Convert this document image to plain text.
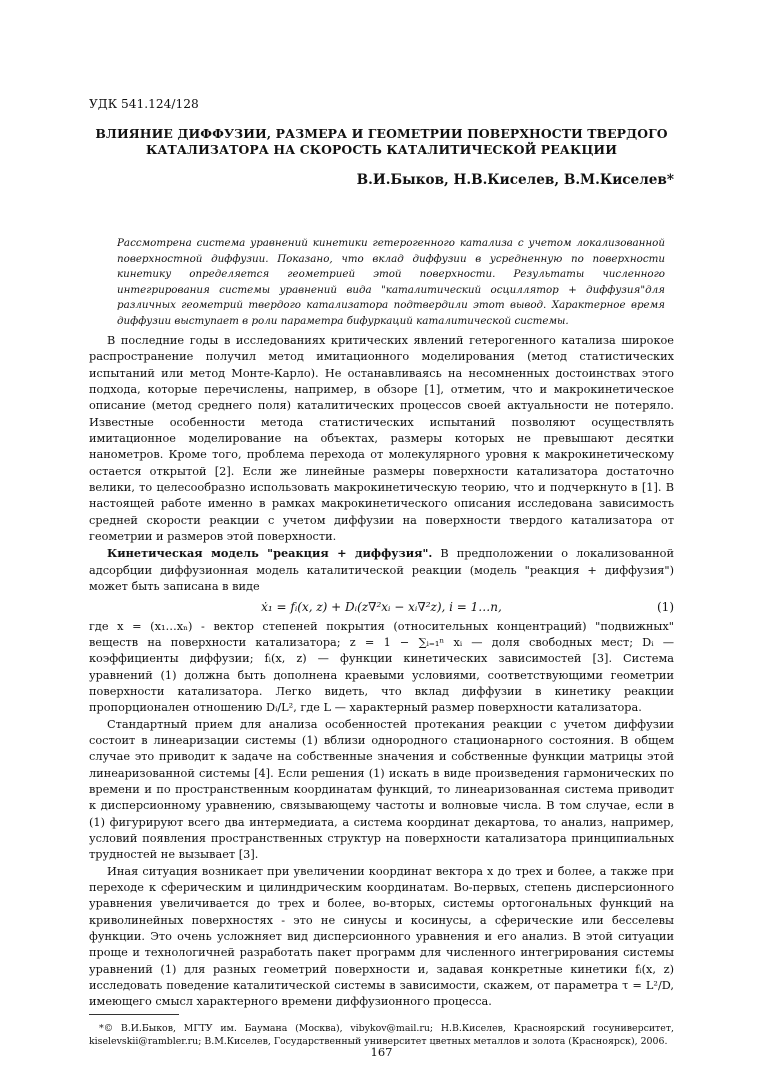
УДК 541.124/128
ВЛИЯНИЕ ДИФФУЗИИ, РАЗМЕРА И ГЕОМЕТРИИ ПОВЕРХНОСТИ ТВЕРДОГО КАТАЛИЗАТОРА НА СКОРОСТЬ КАТАЛИТИЧЕСКОЙ РЕАКЦИИ
В.И.Быков, Н.В.Киселев, В.М.Киселев*
Рассмотрена система уравнений кинетики гетерогенного катализа с учетом локализованной поверхностной диффузии. Показано, что вклад диффузии в усредненную по поверхности кинетику определяется геометрией этой поверхности. Результаты численного интегрирования системы уравнений вида "каталитический осциллятор + диффузия"для различных геометрий твердого катализатора подтвердили этот вывод. Характерное время диффузии выступает в роли параметра бифуркаций каталитической системы.

В последние годы в исследованиях критических явлений гетерогенного катализа широкое распространение получил метод имитационного моделирования (метод статистических испытаний или метод Монте-Карло). Не останавливаясь на несомненных достоинствах этого подхода, которые перечислены, например, в обзоре [1], отметим, что и макрокинетическое описание (метод среднего поля) каталитических процессов своей актуальности не потеряло. Известные особенности метода статистических испытаний позволяют осуществлять имитационное моделирование на объектах, размеры которых не превышают десятки нанометров. Кроме того, проблема перехода от молекулярного уровня к макрокинетическому остается открытой [2]. Если же линейные размеры поверхности катализатора достаточно велики, то целесообразно использовать макрокинетическую теорию, что и подчеркнуто в [1]. В настоящей работе именно в рамках макрокинетического описания исследована зависимость средней скорости реакции с учетом диффузии на поверхности твердого катализатора от геометрии и размеров этой поверхности.

Кинетическая модель "реакция + диффузия". В предположении о локализованной адсорбции диффузионная модель каталитической реакции (модель "реакция + диффузия") может быть записана в виде

ẋ₁ = fᵢ(x, z) + Dᵢ(z∇²xᵢ − xᵢ∇²z), i = 1…n,	(1)

где x = (x₁…xₙ) - вектор степеней покрытия (относительных концентраций) "подвижных" веществ на поверхности катализатора; z = 1 − ∑ᵢ₌₁ⁿ xᵢ — доля свободных мест; Dᵢ — коэффициенты диффузии; fᵢ(x, z) — функции кинетических зависимостей [3]. Система уравнений (1) должна быть дополнена краевыми условиями, соответствующими геометрии поверхности катализатора. Легко видеть, что вклад диффузии в кинетику реакции пропорционален отношению Dᵢ/L², где L — характерный размер поверхности катализатора.

Стандартный прием для анализа особенностей протекания реакции с учетом диффузии состоит в линеаризации системы (1) вблизи однородного стационарного состояния. В общем случае это приводит к задаче на собственные значения и собственные функции матрицы этой линеаризованной системы [4]. Если решения (1) искать в виде произведения гармонических по времени и по пространственным координатам функций, то линеаризованная система приводит к дисперсионному уравнению, связывающему частоты и волновые числа. В том случае, если в (1) фигурируют всего два интермедиата, а система координат декартова, то анализ, например, условий появления пространственных структур на поверхности катализатора принципиальных трудностей не вызывает [3].

Иная ситуация возникает при увеличении координат вектора x до трех и более, а также при переходе к сферическим и цилиндрическим координатам. Во-первых, степень дисперсионного уравнения увеличивается до трех и более, во-вторых, системы ортогональных функций на криволинейных поверхностях - это не синусы и косинусы, а сферические или бесселевы функции. Это очень усложняет вид дисперсионного уравнения и его анализ. В этой ситуации проще и технологичней разработать пакет программ для численного интегрирования системы уравнений (1) для разных геометрий поверхности и, задавая конкретные кинетики fᵢ(x, z) исследовать поведение каталитической системы в зависимости, скажем, от параметра τ = L²/D, имеющего смысл характерного времени диффузионного процесса.

*© В.И.Быков, МГТУ им. Баумана (Москва), vibykov@mail.ru; Н.В.Киселев, Красноярский госуниверситет, kiselevskii@rambler.ru; В.М.Киселев, Государственный университет цветных металлов и золота (Красноярск), 2006.
167
